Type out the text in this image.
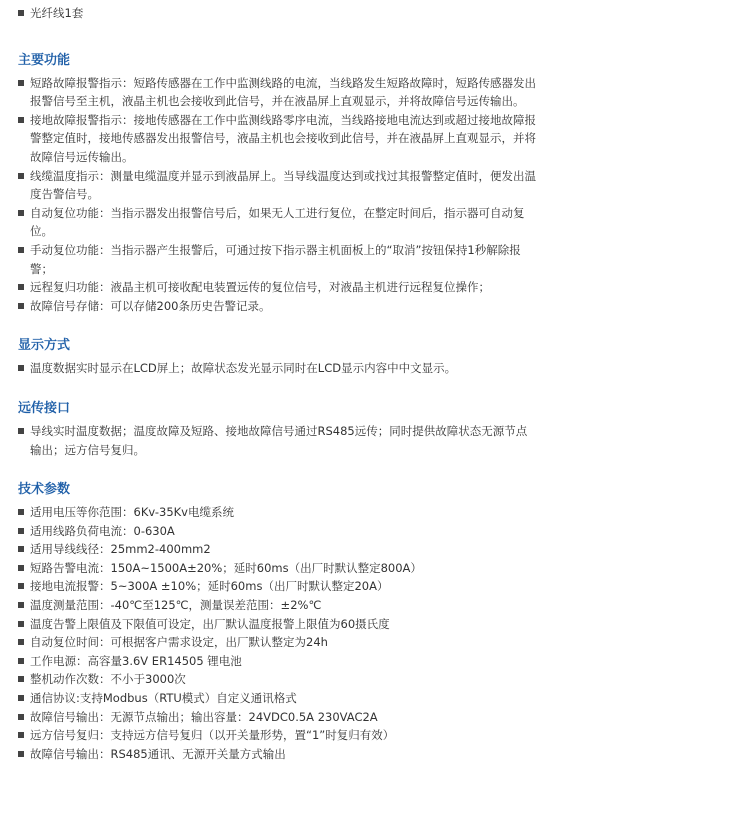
光纤线1套
主要功能
短路故障报警指示：短路传感器在工作中监测线路的电流，当线路发生短路故障时，短路传感器发出报警信号至主机，液晶主机也会接收到此信号，并在液晶屏上直观显示，并将故障信号远传输出。
接地故障报警指示：接地传感器在工作中监测线路零序电流，当线路接地电流达到或超过接地故障报警整定值时，接地传感器发出报警信号，液晶主机也会接收到此信号，并在液晶屏上直观显示，并将故障信号远传输出。
线缆温度指示：测量电缆温度并显示到液晶屏上。当导线温度达到或找过其报警整定值时，便发出温度告警信号。
自动复位功能：当指示器发出报警信号后，如果无人工进行复位，在整定时间后，指示器可自动复位。
手动复位功能：当指示器产生报警后，可通过按下指示器主机面板上的“取消”按钮保持1秒解除报警；
远程复归功能：液晶主机可接收配电装置远传的复位信号，对液晶主机进行远程复位操作；
故障信号存储：可以存储200条历史告警记录。
显示方式
温度数据实时显示在LCD屏上；故障状态发光显示同时在LCD显示内容中中文显示。
远传接口
导线实时温度数据；温度故障及短路、接地故障信号通过RS485远传；同时提供故障状态无源节点输出；远方信号复归。
技术参数
适用电压等你范围：6Kv-35Kv电缆系统
适用线路负荷电流：0-630A
适用导线线径：25mm2-400mm2
短路告警电流：150A~1500A±20%；延时60ms（出厂时默认整定800A）
接地电流报警：5~300A ±10%；延时60ms（出厂时默认整定20A）
温度测量范围：-40℃至125℃，测量误差范围：±2%℃
温度告警上限值及下限值可设定，出厂默认温度报警上限值为60摄氏度
自动复位时间：可根据客户需求设定，出厂默认整定为24h
工作电源：高容量3.6V ER14505 锂电池
整机动作次数：不小于3000次
通信协议:支持Modbus（RTU模式）自定义通讯格式
故障信号输出：无源节点输出；输出容量：24VDC0.5A 230VAC2A
远方信号复归：支持远方信号复归（以开关量形势，置“1”时复归有效）
故障信号输出：RS485通讯、无源开关量方式输出
